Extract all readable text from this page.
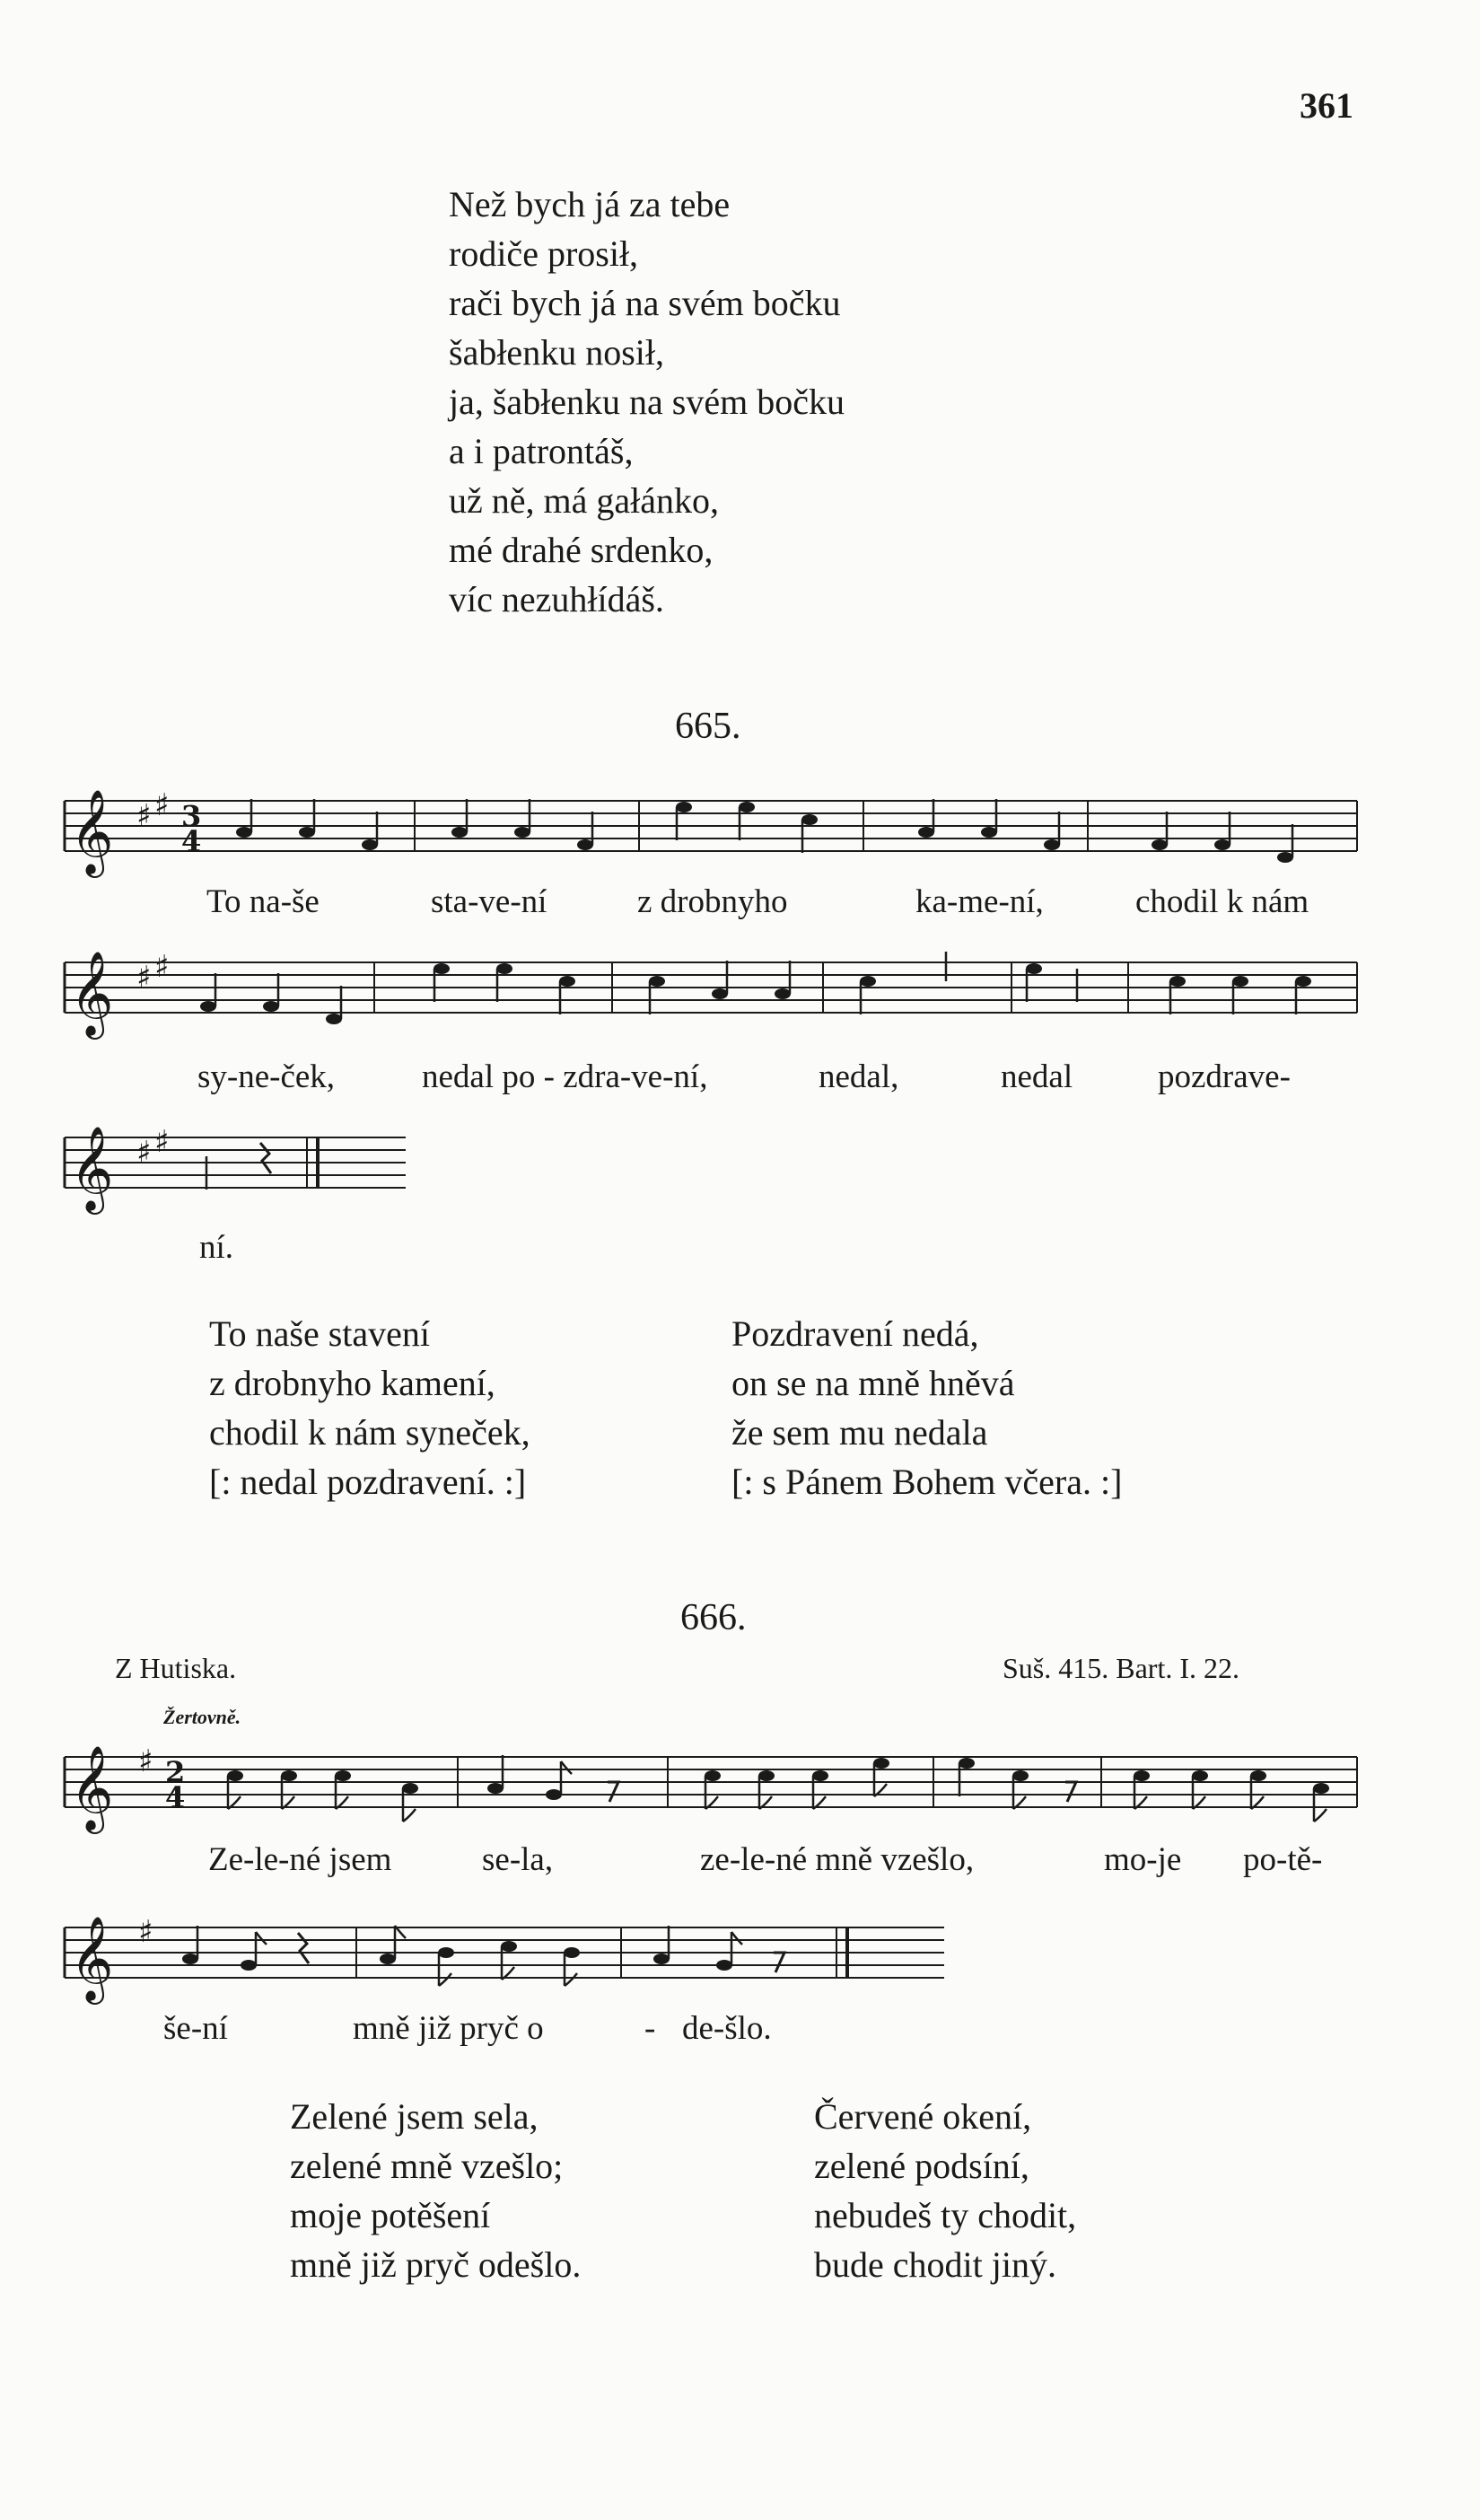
361
Než bych já za tebe
rodiče prosił,
rači bych já na svém bočku
šabłenku nosił,
ja, šabłenku na svém bočku
a i patrontáš,
už ně, má gałánko,
mé drahé srdenko,
víc nezuhłídáš.
665.
𝄞 ♯ ♯ 3
4
To na-še	sta-ve-ní	z drobnyho	ka-me-ní,	chodil k nám
𝄞 ♯ ♯
sy-ne-ček,	nedal po - zdra-ve-ní,	nedal,	nedal	pozdrave-
𝄞 ♯ ♯
ní.
To naše stavení
z drobnyho kamení,
chodil k nám syneček,
[: nedal pozdravení. :]
Pozdravení nedá,
on se na mně hněvá
že sem mu nedala
[: s Pánem Bohem včera. :]
666.
Z Hutiska.	Suš. 415. Bart. I. 22.
Žertovně.
𝄞 ♯ 2
4
Ze-le-né jsem	se-la,	ze-le-né mně vzešlo,	mo-je po-tě-
𝄞 ♯
še-ní	mně již pryč o	- de-šlo.
Zelené jsem sela,
zelené mně vzešlo;
moje potěšení
mně již pryč odešlo.
Červené okení,
zelené podsíní,
nebudeš ty chodit,
bude chodit jiný.
